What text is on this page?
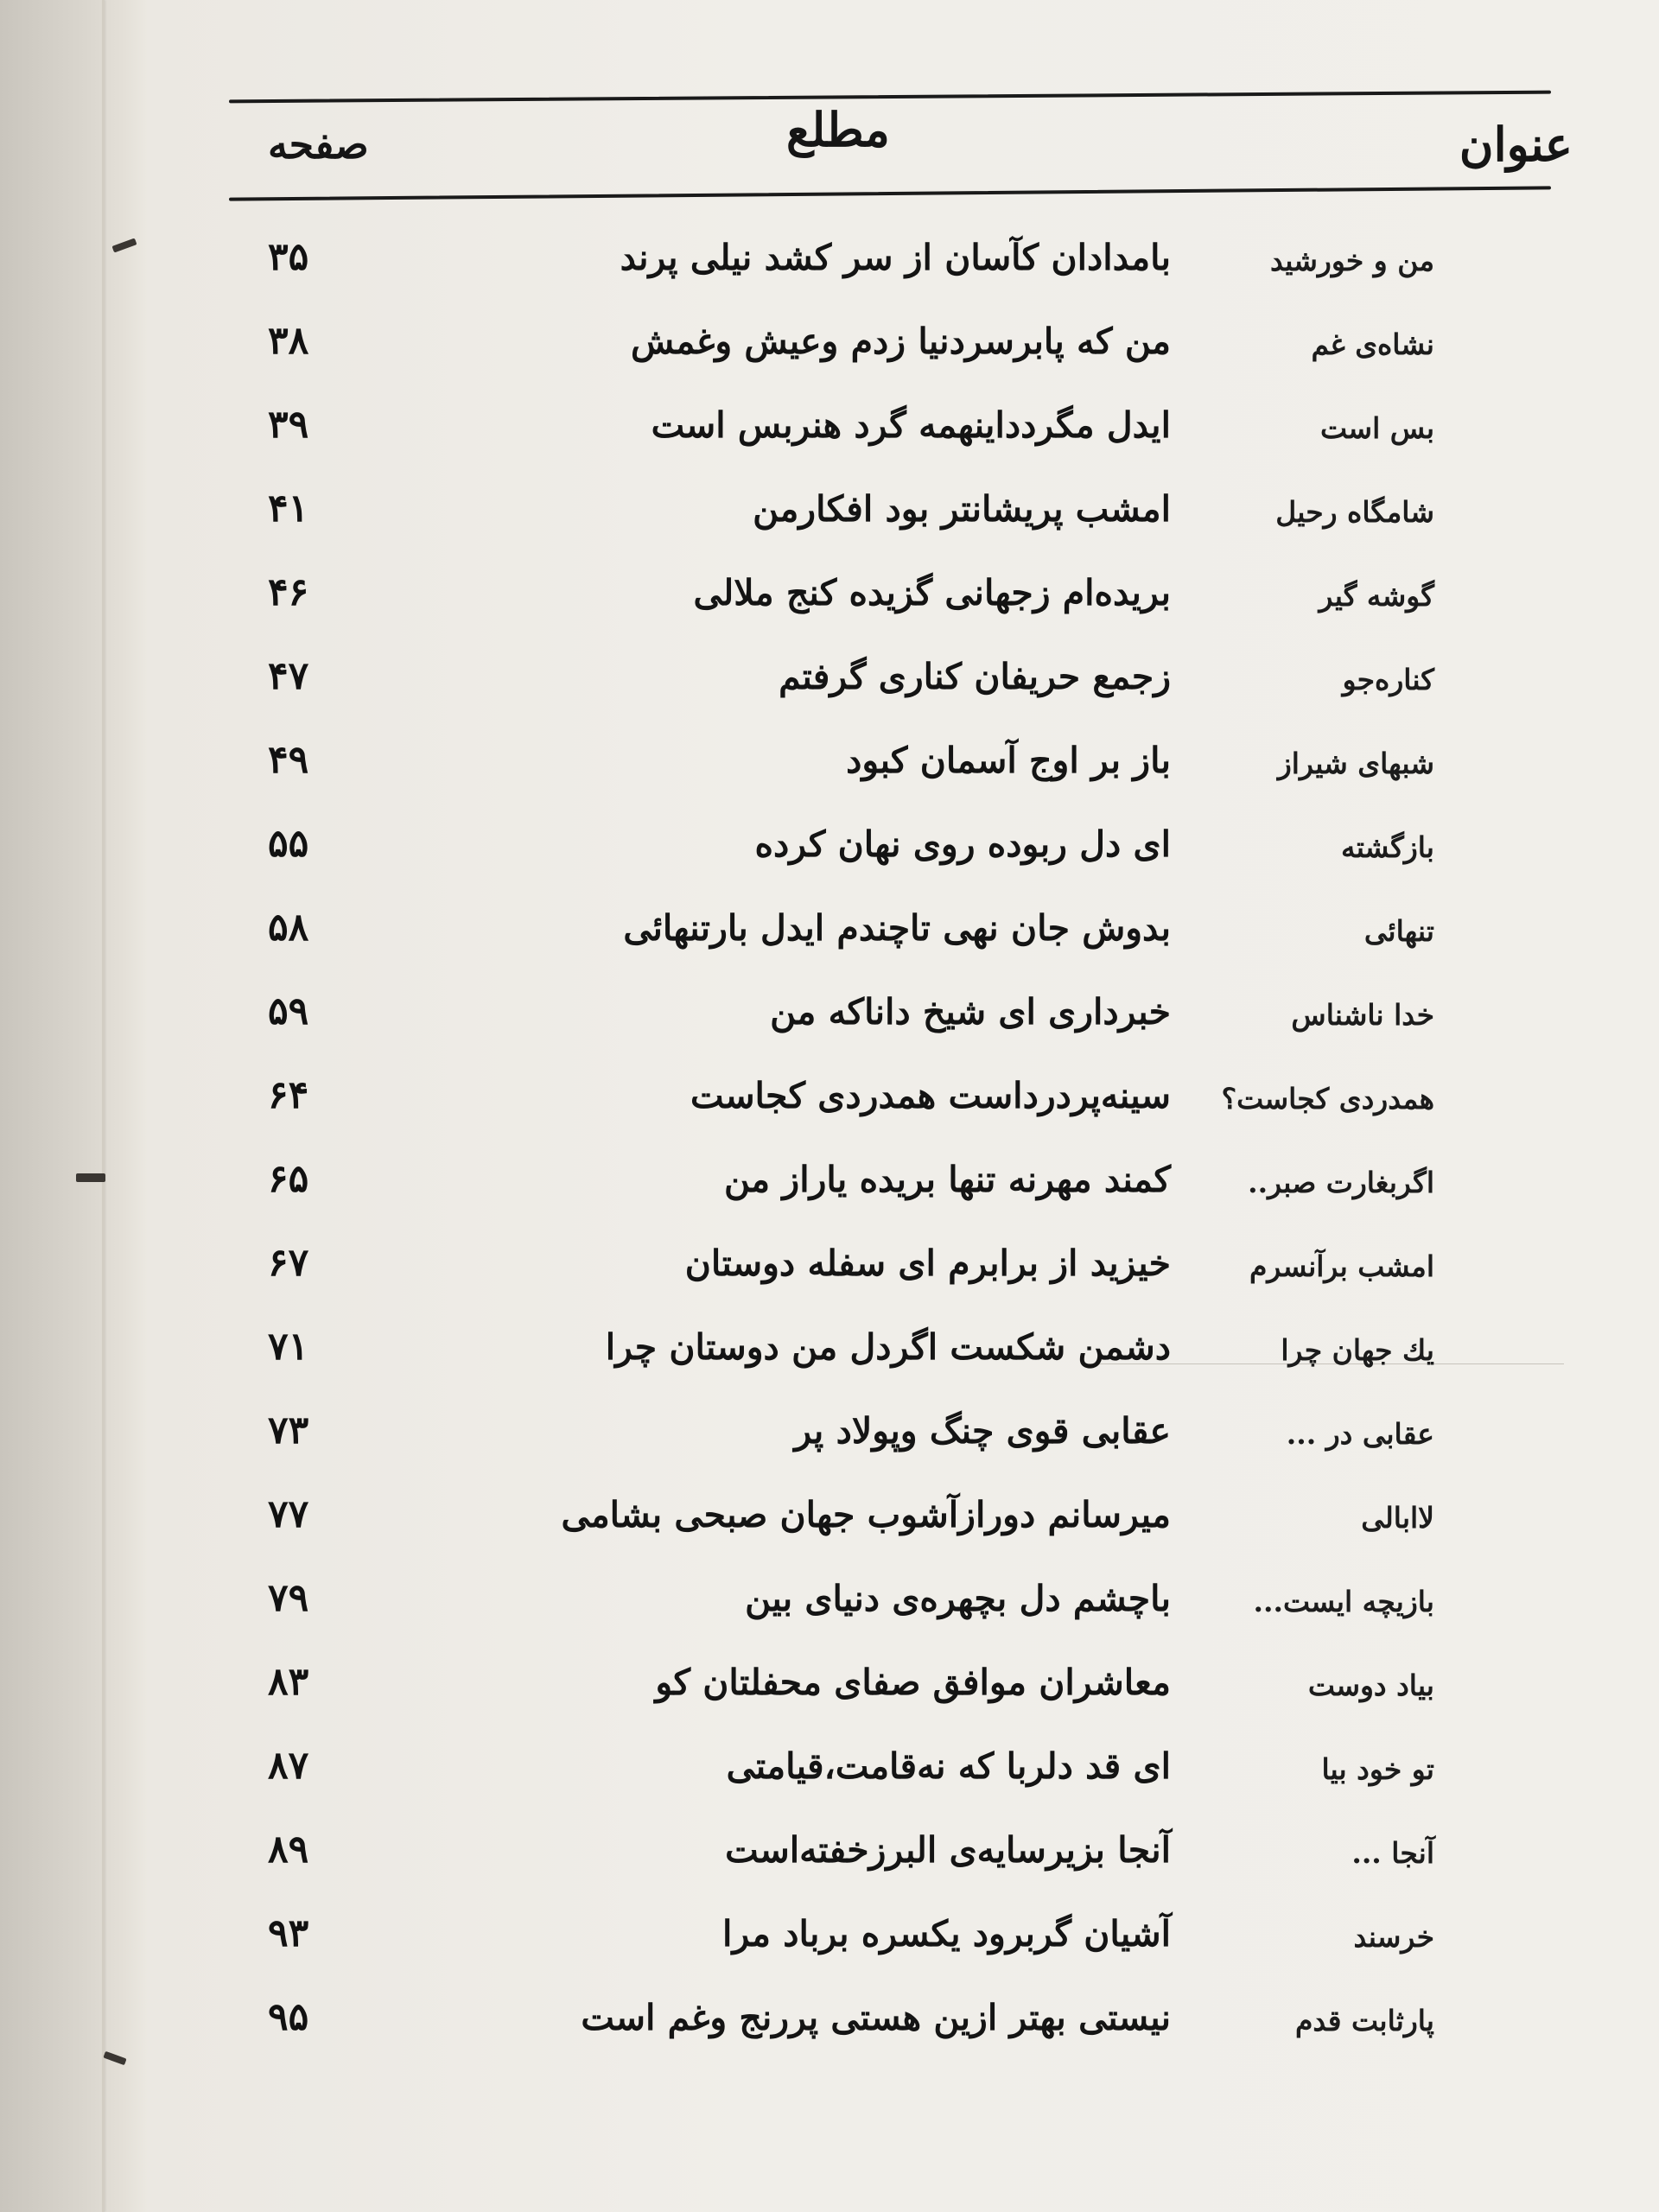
عنوان
مطلع
صفحه
من و خورشید
بامدادان کآسان از سر کشد نیلی پرند
۳۵
نشاه‌ی غم
من که پابرسردنیا زدم وعیش وغمش
۳۸
بس است
ایدل مگردداینهمه گرد هنربس است
۳۹
شامگاه رحیل
امشب پریشانتر بود افکارمن
۴۱
گوشه گیر
بریده‌ام زجهانی گزیده کنج ملالی
۴۶
کناره‌جو
زجمع حریفان کناری گرفتم
۴۷
شبهای شیراز
باز بر اوج آسمان کبود
۴۹
بازگشته
ای دل ربوده روی نهان کرده
۵۵
تنهائی
بدوش جان نهی تاچندم ایدل بارتنهائی
۵۸
خدا ناشناس
خبرداری ای شیخ داناکه من
۵۹
همدردی کجاست؟
سینه‌پردرداست همدردی کجاست
۶۴
اگربغارت صبر..
کمند مهرنه تنها بریده یاراز من
۶۵
امشب برآنسرم
خیزید از برابرم ای سفله دوستان
۶۷
یك جهان چرا
دشمن شکست اگردل من دوستان چرا
۷۱
عقابی در ...
عقابی قوی چنگ وپولاد پر
۷۳
لاابالی
میرسانم دورازآشوب جهان صبحی بشامی
۷۷
بازیچه ایست...
باچشم دل بچهره‌ی دنیای بین
۷۹
بیاد دوست
معاشران موافق صفای محفلتان کو
۸۳
تو خود بیا
ای قد دلربا که نه‌قامت،قیامتی
۸۷
آنجا ...
آنجا بزیرسایه‌ی البرزخفته‌است
۸۹
خرسند
آشیان گربرود یکسره برباد مرا
۹۳
پارثابت قدم
نیستی بهتر ازین هستی پررنج وغم است
۹۵
